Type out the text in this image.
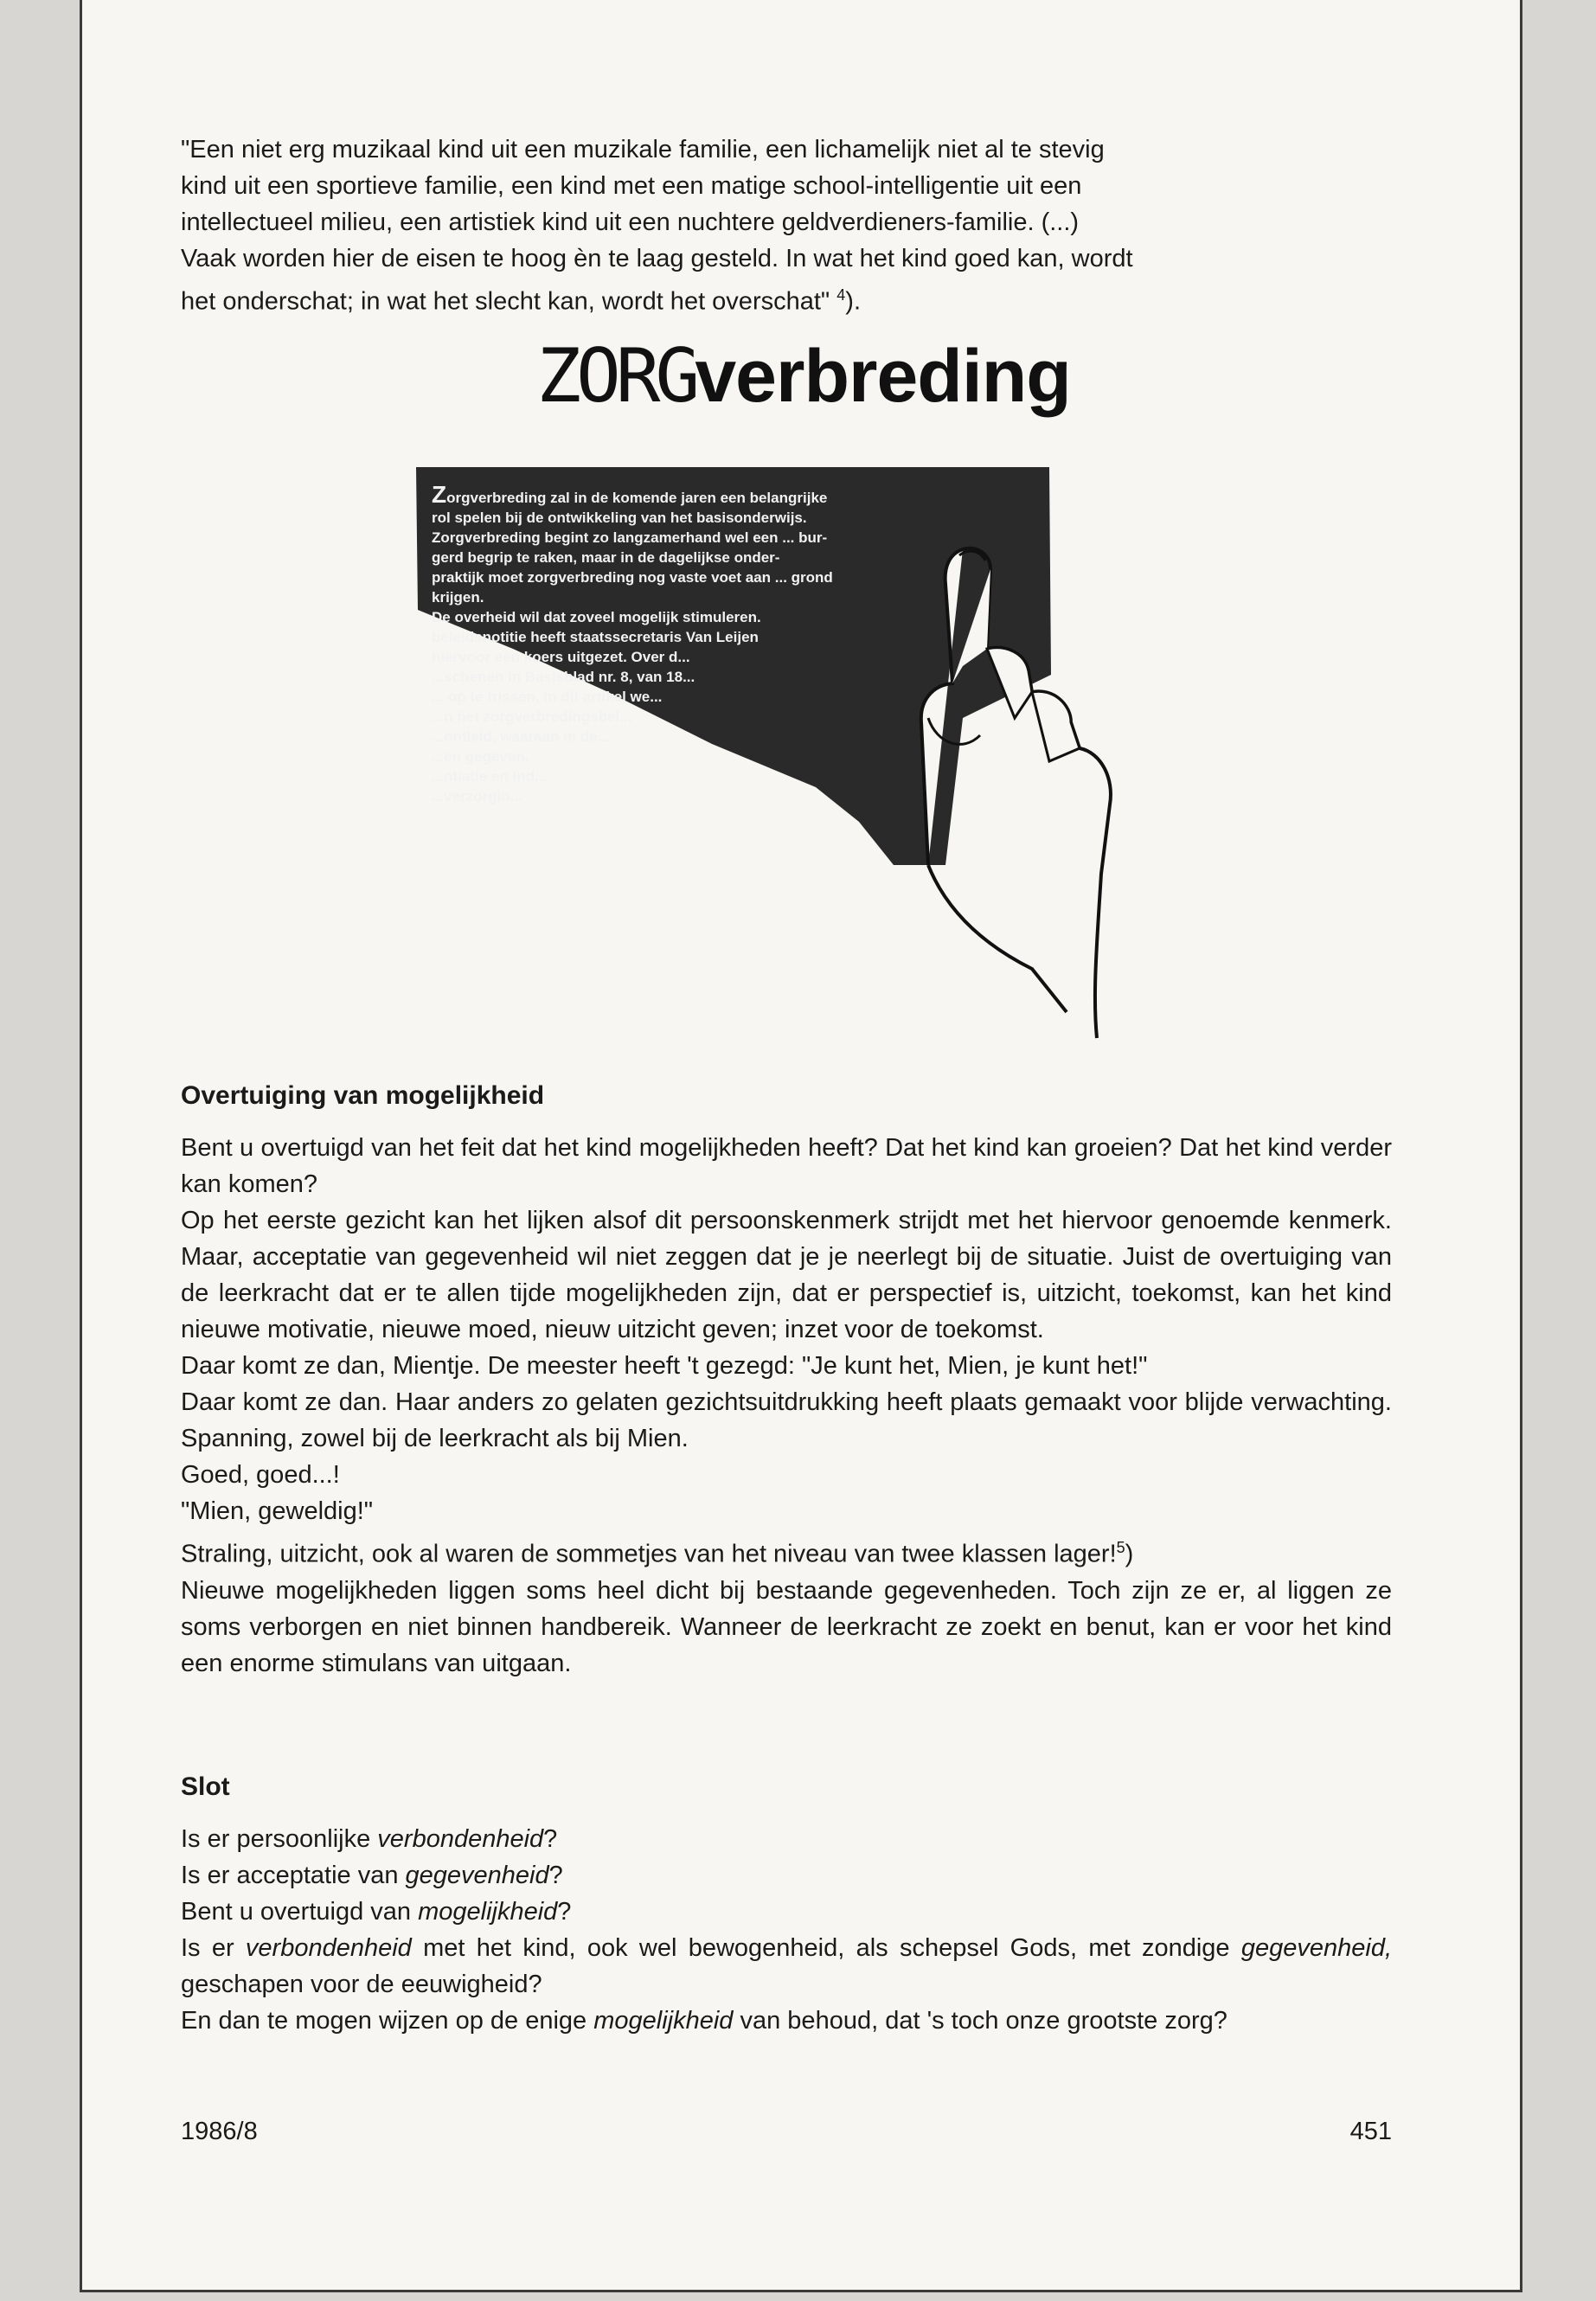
"Een niet erg muzikaal kind uit een muzikale familie, een lichamelijk niet al te stevig

kind uit een sportieve familie, een kind met een matige school-intelligentie uit een

intellectueel milieu, een artistiek kind uit een nuchtere geldverdieners-familie. (...)

Vaak worden hier de eisen te hoog èn te laag gesteld. In wat het kind goed kan, wordt

het onderschat; in wat het slecht kan, wordt het overschat" $^4$).

ZORGverbreding
Zorgverbreding zal in de komende jaren een belangrijke
rol spelen bij de ontwikkeling van het basisonderwijs.
Zorgverbreding begint zo langzamerhand wel een ... bur-
gerd begrip te raken, maar in de dagelijkse onder-
praktijk moet zorgverbreding nog vaste voet aan ... grond
krijgen.
De overheid wil dat zoveel mogelijk stimuleren.
beleidsnotitie heeft staatssecretaris Van Leijen
hiervoor een koers uitgezet. Over d...
...schenen in Basisblad nr. 8, van 18...
... op te frissen, in dit artikel we...
...n het zorgverbredingsbel...
...ontleid, waaraan in de...
...en gegeven.
...ntiatie en ind...
...verzorgin...
Overtuiging van mogelijkheid

Bent u overtuigd van het feit dat het kind mogelijkheden heeft? Dat het kind kan groeien? Dat het kind verder kan komen?

Op het eerste gezicht kan het lijken alsof dit persoonskenmerk strijdt met het hiervoor genoemde kenmerk. Maar, acceptatie van gegevenheid wil niet zeggen dat je je neerlegt bij de situatie. Juist de overtuiging van de leerkracht dat er te allen tijde mogelijkheden zijn, dat er perspectief is, uitzicht, toekomst, kan het kind nieuwe motivatie, nieuwe moed, nieuw uitzicht geven; inzet voor de toekomst.

Daar komt ze dan, Mientje. De meester heeft 't gezegd: "Je kunt het, Mien, je kunt het!"

Daar komt ze dan. Haar anders zo gelaten gezichtsuitdrukking heeft plaats gemaakt voor blijde verwachting. Spanning, zowel bij de leerkracht als bij Mien.

Goed, goed...!

"Mien, geweldig!"

Straling, uitzicht, ook al waren de sommetjes van het niveau van twee klassen lager!$^5$)

Nieuwe mogelijkheden liggen soms heel dicht bij bestaande gegevenheden. Toch zijn ze er, al liggen ze soms verborgen en niet binnen handbereik. Wanneer de leerkracht ze zoekt en benut, kan er voor het kind een enorme stimulans van uitgaan.

Slot

Is er persoonlijke verbondenheid?

Is er acceptatie van gegevenheid?

Bent u overtuigd van mogelijkheid?

Is er verbondenheid met het kind, ook wel bewogenheid, als schepsel Gods, met zondige gegevenheid, geschapen voor de eeuwigheid?

En dan te mogen wijzen op de enige mogelijkheid van behoud, dat 's toch onze grootste zorg?

1986/8	451
